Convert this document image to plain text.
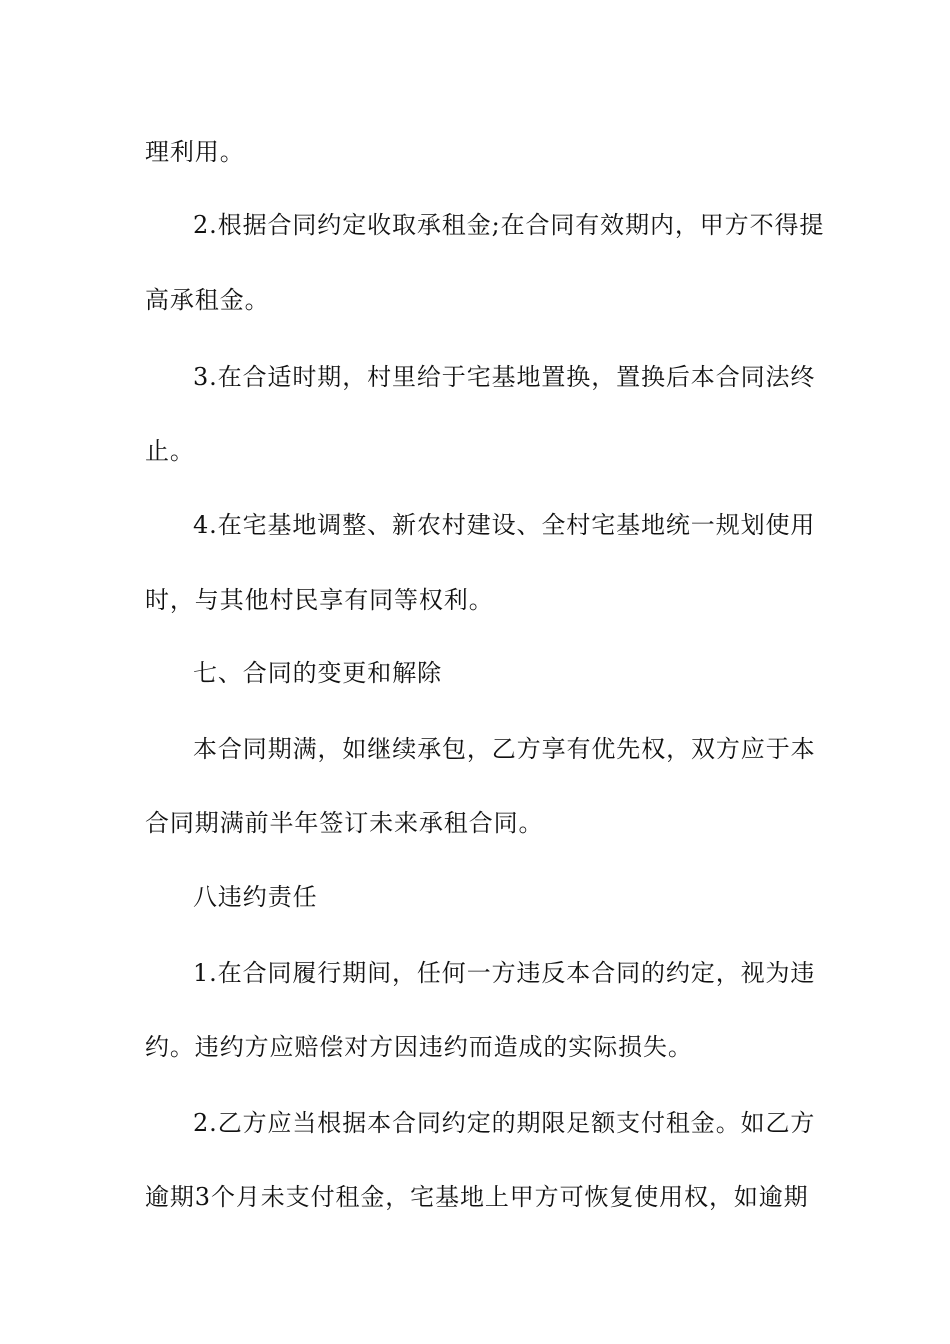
理利用。
2.根据合同约定收取承租金;在合同有效期内，甲方不得提
高承租金。
3.在合适时期，村里给于宅基地置换，置换后本合同法终
止。
4.在宅基地调整、新农村建设、全村宅基地统一规划使用
时，与其他村民享有同等权利。
七、合同的变更和解除
本合同期满，如继续承包，乙方享有优先权，双方应于本
合同期满前半年签订未来承租合同。
八违约责任
1.在合同履行期间，任何一方违反本合同的约定，视为违
约。违约方应赔偿对方因违约而造成的实际损失。
2.乙方应当根据本合同约定的期限足额支付租金。如乙方
逾期3个月未支付租金，宅基地上甲方可恢复使用权，如逾期
